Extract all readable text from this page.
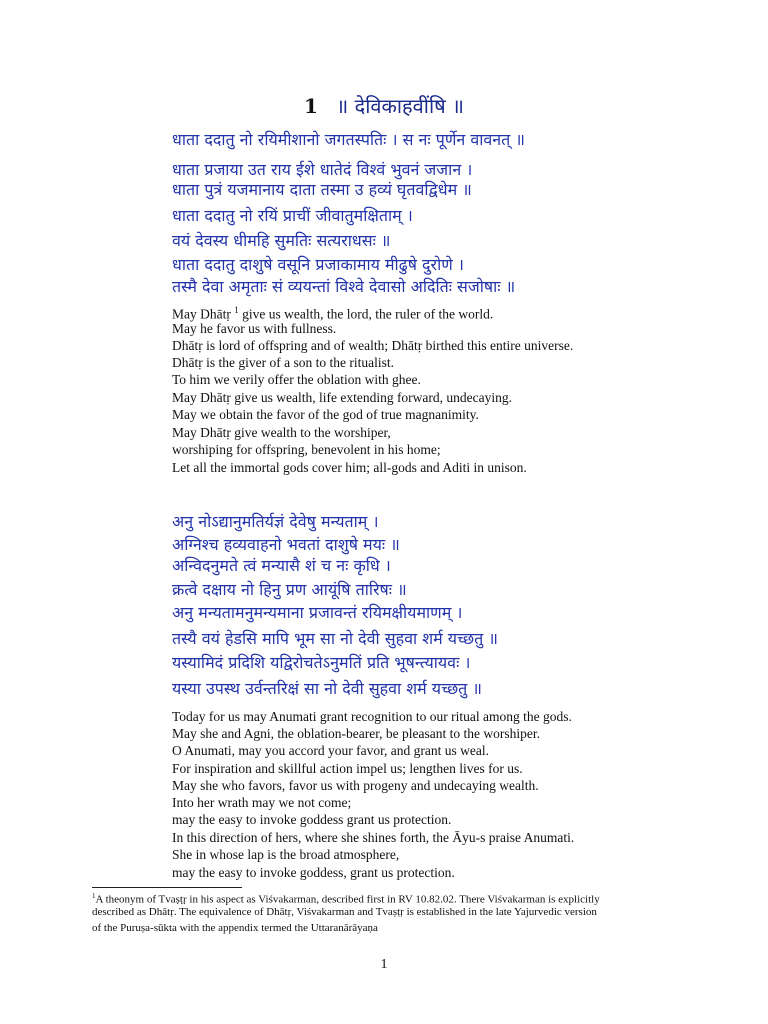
1 ॥ देविकाहवींषि ॥
धाता ददातु नो रयिमीशानो जगतस्पतिः । स नः पूर्णेन वावनत् ॥
धाता प्रजाया उत राय ईशे धातेदं विश्वं भुवनं जजान ।
धाता पुत्रं यजमानाय दाता तस्मा उ हव्यं घृतवद्विधेम ॥
धाता ददातु नो रयिं प्राचीं जीवातुमक्षिताम् ।
वयं देवस्य धीमहि सुमतिः सत्यराधसः ॥
धाता ददातु दाशुषे वसूनि प्रजाकामाय मीढुषे दुरोणे ।
तस्मै देवा अमृताः सं व्ययन्तां विश्वे देवासो अदितिः सजोषाः ॥
May Dhātṛ $^1$ give us wealth, the lord, the ruler of the world.
May he favor us with fullness.
Dhātṛ is lord of offspring and of wealth; Dhātṛ birthed this entire universe.
Dhātṛ is the giver of a son to the ritualist.
To him we verily offer the oblation with ghee.
May Dhātṛ give us wealth, life extending forward, undecaying.
May we obtain the favor of the god of true magnanimity.
May Dhātṛ give wealth to the worshiper,
worshiping for offspring, benevolent in his home;
Let all the immortal gods cover him; all-gods and Aditi in unison.
अनु नोऽद्यानुमतिर्यज्ञं देवेषु मन्यताम् ।
अग्निश्च हव्यवाहनो भवतां दाशुषे मयः ॥
अन्विदनुमते त्वं मन्यासै शं च नः कृधि ।
क्रत्वे दक्षाय नो हिनु प्रण आयूंषि तारिषः ॥
अनु मन्यतामनुमन्यमाना प्रजावन्तं रयिमक्षीयमाणम् ।
तस्यै वयं हेडसि मापि भूम सा नो देवी सुहवा शर्म यच्छतु ॥
यस्यामिदं प्रदिशि यद्विरोचतेऽनुमतिं प्रति भूषन्त्यायवः ।
यस्या उपस्थ उर्वन्तरिक्षं सा नो देवी सुहवा शर्म यच्छतु ॥
Today for us may Anumati grant recognition to our ritual among the gods.
May she and Agni, the oblation-bearer, be pleasant to the worshiper.
O Anumati, may you accord your favor, and grant us weal.
For inspiration and skillful action impel us; lengthen lives for us.
May she who favors, favor us with progeny and undecaying wealth.
Into her wrath may we not come;
may the easy to invoke goddess grant us protection.
In this direction of hers, where she shines forth, the Āyu-s praise Anumati.
She in whose lap is the broad atmosphere,
may the easy to invoke goddess, grant us protection.
$^1$A theonym of Tvaṣṭṛ in his aspect as Viśvakarman, described first in RV 10.82.02. There Viśvakarman is explicitly
described as Dhātṛ. The equivalence of Dhātṛ, Viśvakarman and Tvaṣṭṛ is established in the late Yajurvedic version
of the Puruṣa-sūkta with the appendix termed the Uttaranārāyaṇa
1
